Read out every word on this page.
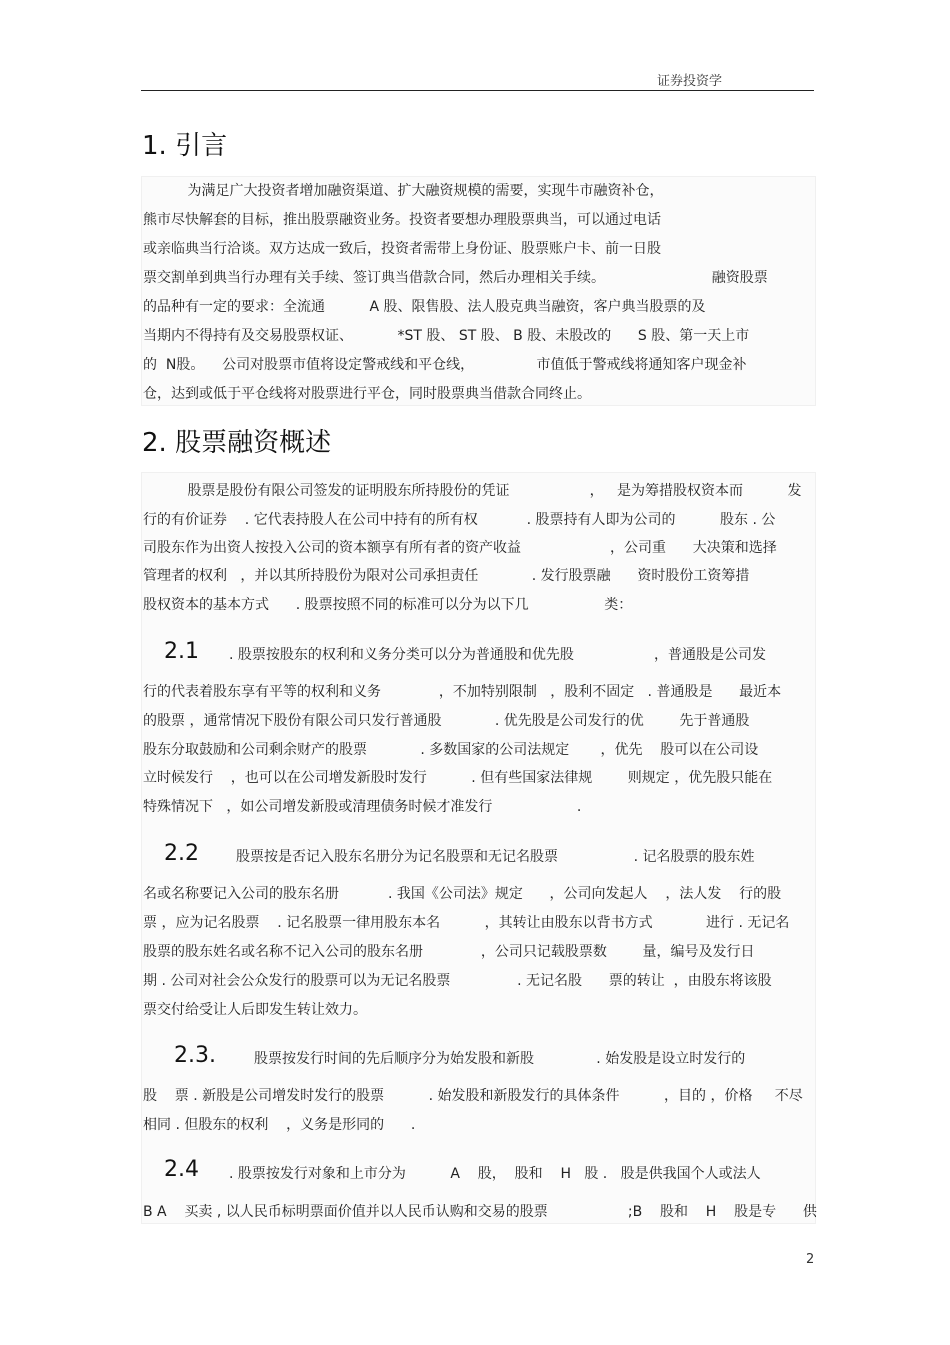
证券投资学
1. 引言
为满足广大投资者增加融资渠道、扩大融资规模的需要，实现牛市融资补仓，
熊市尽快解套的目标，推出股票融资业务。投资者要想办理股票典当，可以通过电话
或亲临典当行洽谈。双方达成一致后，投资者需带上身份证、股票账户卡、前一日股
票交割单到典当行办理有关手续、签订典当借款合同，然后办理相关手续。                        融资股票
的品种有一定的要求：全流通          A 股、限售股、法人股克典当融资，客户典当股票的及
当期内不得持有及交易股票权证、          *ST 股、 ST 股、 B 股、未股改的      S 股、第一天上市
的  N股。    公司对股票市值将设定警戒线和平仓线，              市值低于警戒线将通知客户现金补
仓，达到或低于平仓线将对股票进行平仓，同时股票典当借款合同终止。
2. 股票融资概述
股票是股份有限公司签发的证明股东所持股份的凭证                  ，   是为筹措股权资本而          发
行的有价证券    . 它代表持股人在公司中持有的所有权           . 股票持有人即为公司的          股东 . 公
司股东作为出资人按投入公司的资本额享有所有者的资产收益                    ，公司重      大决策和选择
管理者的权利   ，并以其所持股份为限对公司承担责任            . 发行股票融      资时股份工资筹措
股权资本的基本方式      . 股票按照不同的标准可以分为以下几                 类：
2.1 . 股票按股东的权利和义务分类可以分为普通股和优先股                  ，普通股是公司发
行的代表着股东享有平等的权利和义务             ，不加特别限制   ，股利不固定   . 普通股是      最近本
的股票 ，通常情况下股份有限公司只发行普通股            . 优先股是公司发行的优        先于普通股
股东分取鼓励和公司剩余财产的股票            . 多数国家的公司法规定       ，优先    股可以在公司设
立时候发行    ，也可以在公司增发新股时发行          . 但有些国家法律规        则规定 ，优先股只能在
特殊情况下   ，如公司增发新股或清理债务时候才准发行                   .
2.2	股票按是否记入股东名册分为记名股票和无记名股票                 . 记名股票的股东姓
名或名称要记入公司的股东名册           . 我国《公司法》规定      ，公司向发起人    ，法人发    行的股
票 ，应为记名股票    . 记名股票一律用股东本名          ，其转让由股东以背书方式            进行 . 无记名
股票的股东姓名或名称不记入公司的股东名册             ，公司只记载股票数        量，编号及发行日
期 . 公司对社会公众发行的股票可以为无记名股票               . 无记名股      票的转让  ，由股东将该股
票交付给受让人后即发生转让效力。
2.3.	股票按发行时间的先后顺序分为始发股和新股              . 始发股是设立时发行的
股    票 . 新股是公司增发时发行的股票          . 始发股和新股发行的具体条件          ，目的 ，价格     不尽
相同 . 但股东的权利    ，义务是形同的      .
2.4 . 股票按发行对象和上市分为          A    股，  股和    H   股 .   股是供我国个人或法人
B A    买卖 , 以人民币标明票面价值并以人民币认购和交易的股票                  ;B    股和    H    股是专      供
2
